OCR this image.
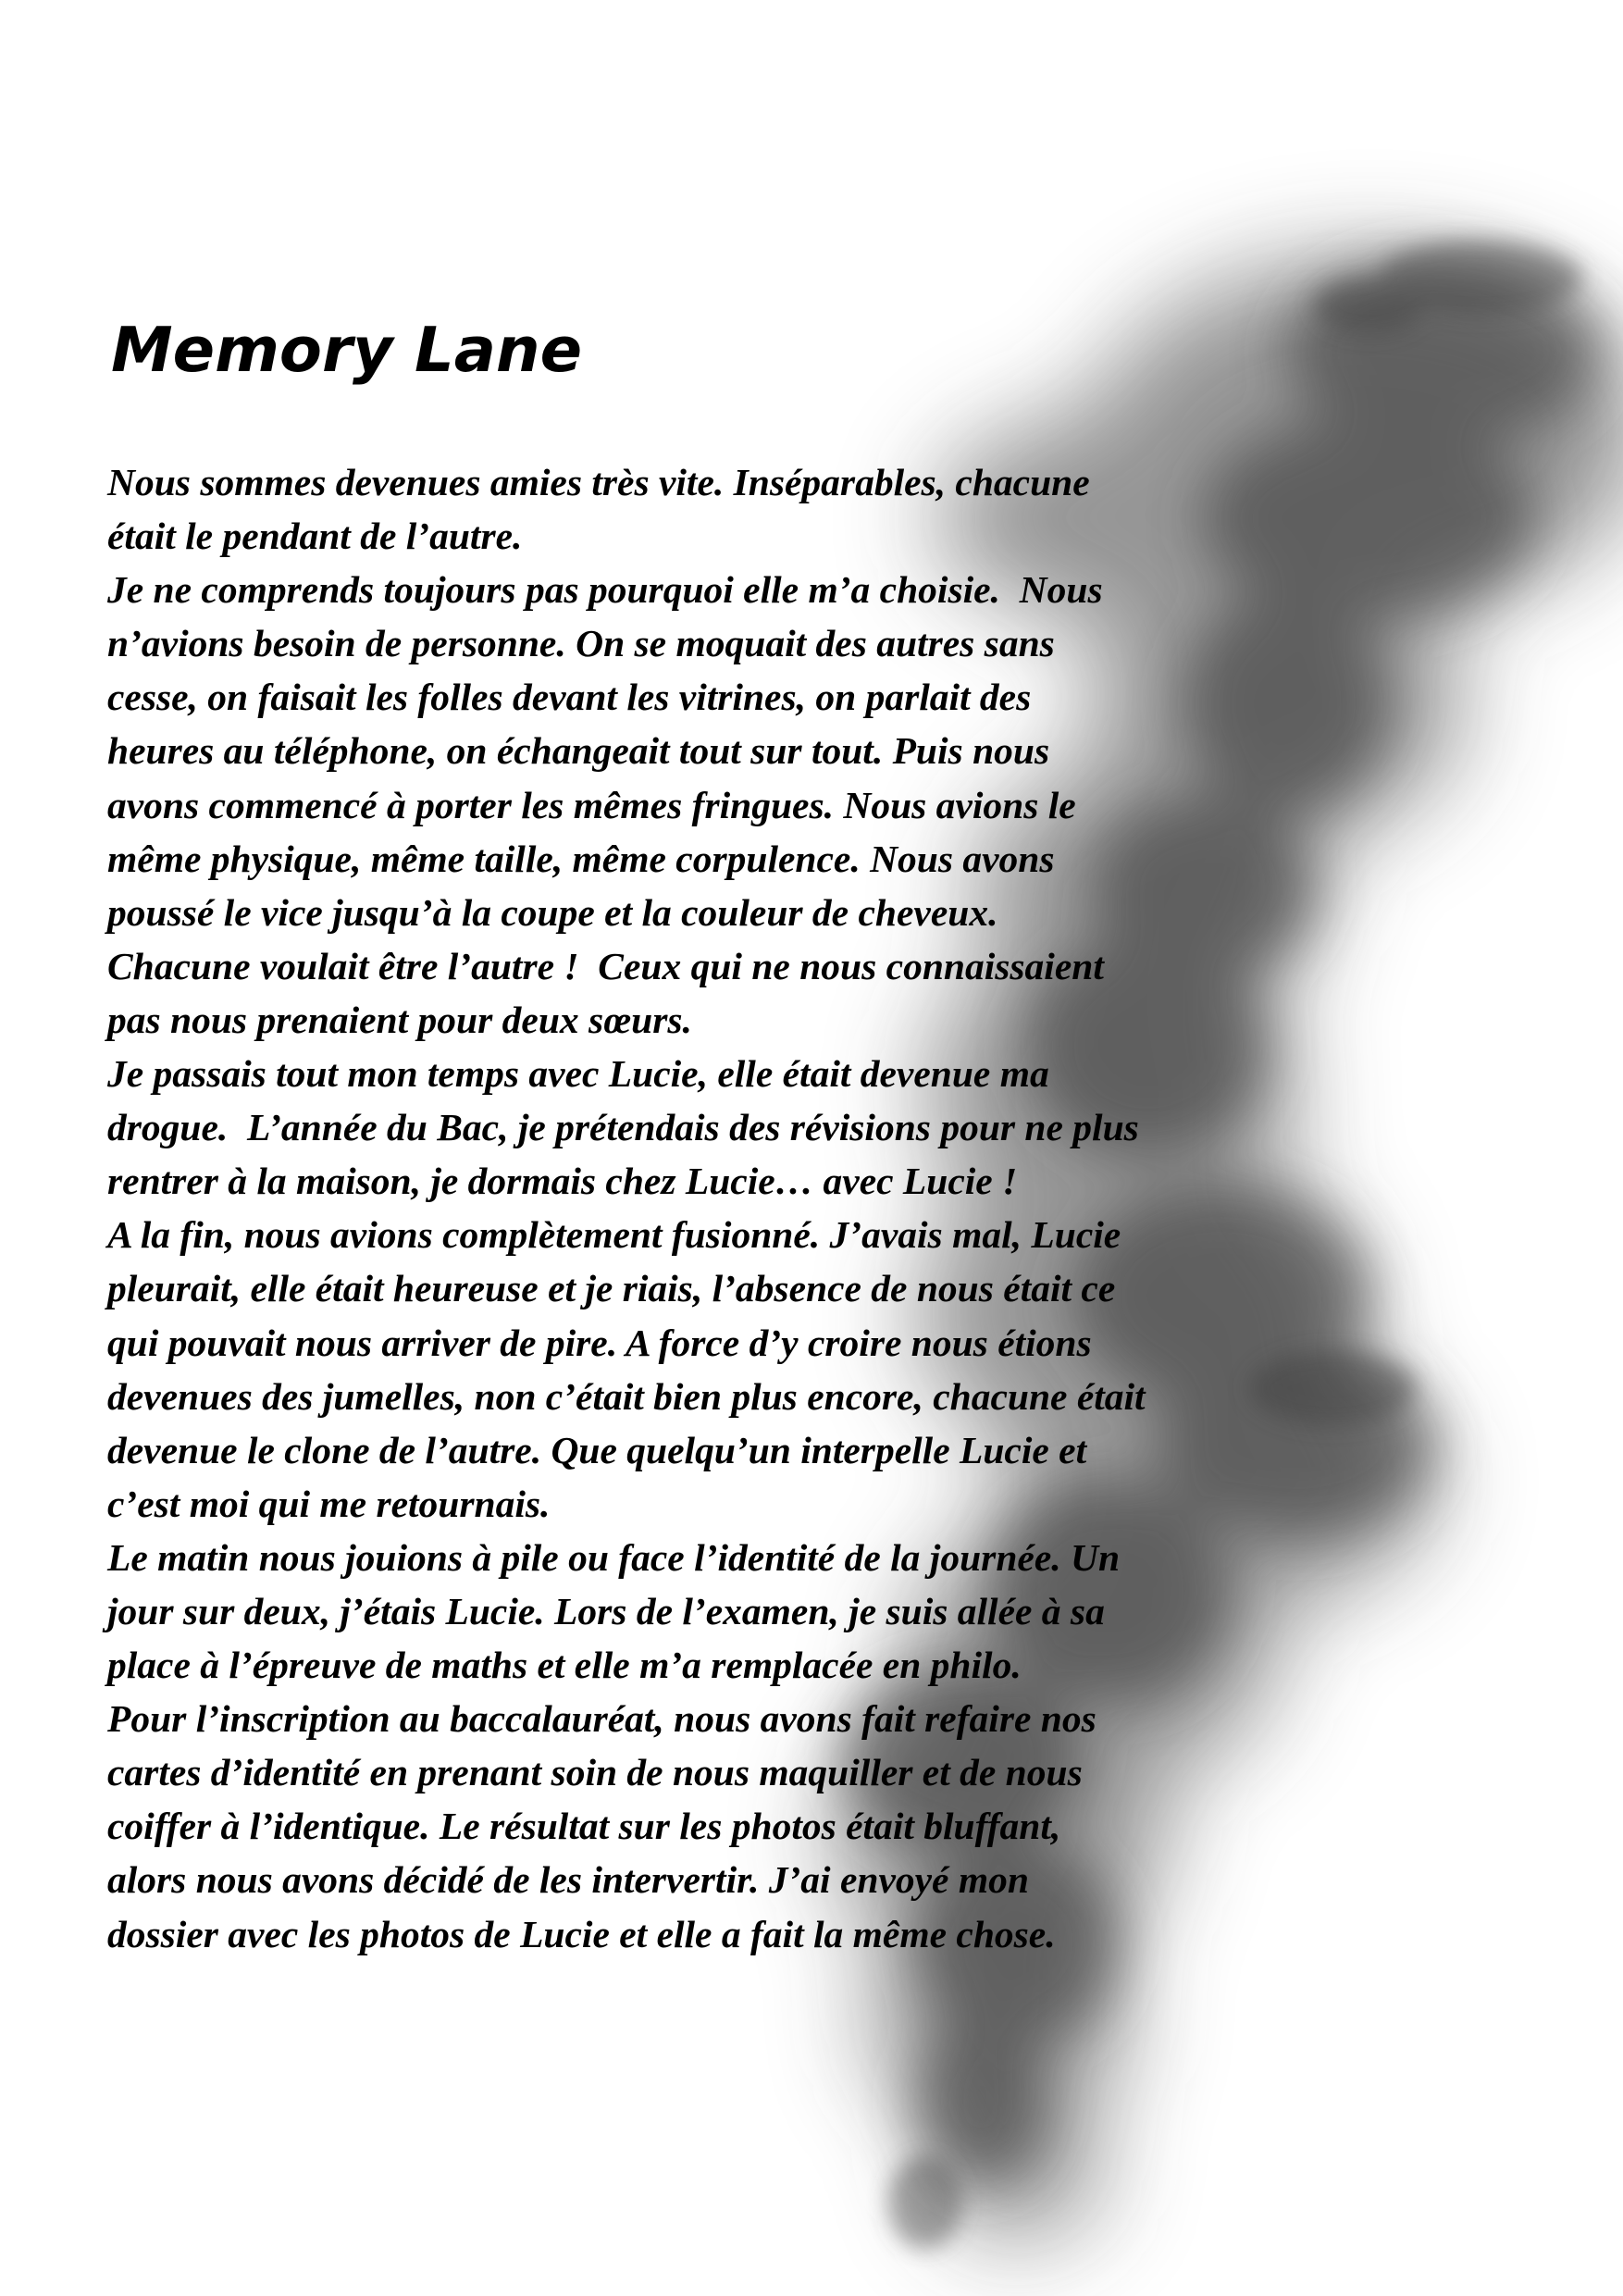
Memory Lane
Nous sommes devenues amies très vite. Inséparables, chacune
était le pendant de l’autre.
Je ne comprends toujours pas pourquoi elle m’a choisie.  Nous
n’avions besoin de personne. On se moquait des autres sans
cesse, on faisait les folles devant les vitrines, on parlait des
heures au téléphone, on échangeait tout sur tout. Puis nous
avons commencé à porter les mêmes fringues. Nous avions le
même physique, même taille, même corpulence. Nous avons
poussé le vice jusqu’à la coupe et la couleur de cheveux.
Chacune voulait être l’autre !  Ceux qui ne nous connaissaient
pas nous prenaient pour deux sœurs.
Je passais tout mon temps avec Lucie, elle était devenue ma
drogue.  L’année du Bac, je prétendais des révisions pour ne plus
rentrer à la maison, je dormais chez Lucie… avec Lucie !
A la fin, nous avions complètement fusionné. J’avais mal, Lucie
pleurait, elle était heureuse et je riais, l’absence de nous était ce
qui pouvait nous arriver de pire. A force d’y croire nous étions
devenues des jumelles, non c’était bien plus encore, chacune était
devenue le clone de l’autre. Que quelqu’un interpelle Lucie et
c’est moi qui me retournais.
Le matin nous jouions à pile ou face l’identité de la journée. Un
jour sur deux, j’étais Lucie. Lors de l’examen, je suis allée à sa
place à l’épreuve de maths et elle m’a remplacée en philo.
Pour l’inscription au baccalauréat, nous avons fait refaire nos
cartes d’identité en prenant soin de nous maquiller et de nous
coiffer à l’identique. Le résultat sur les photos était bluffant,
alors nous avons décidé de les intervertir. J’ai envoyé mon
dossier avec les photos de Lucie et elle a fait la même chose.
